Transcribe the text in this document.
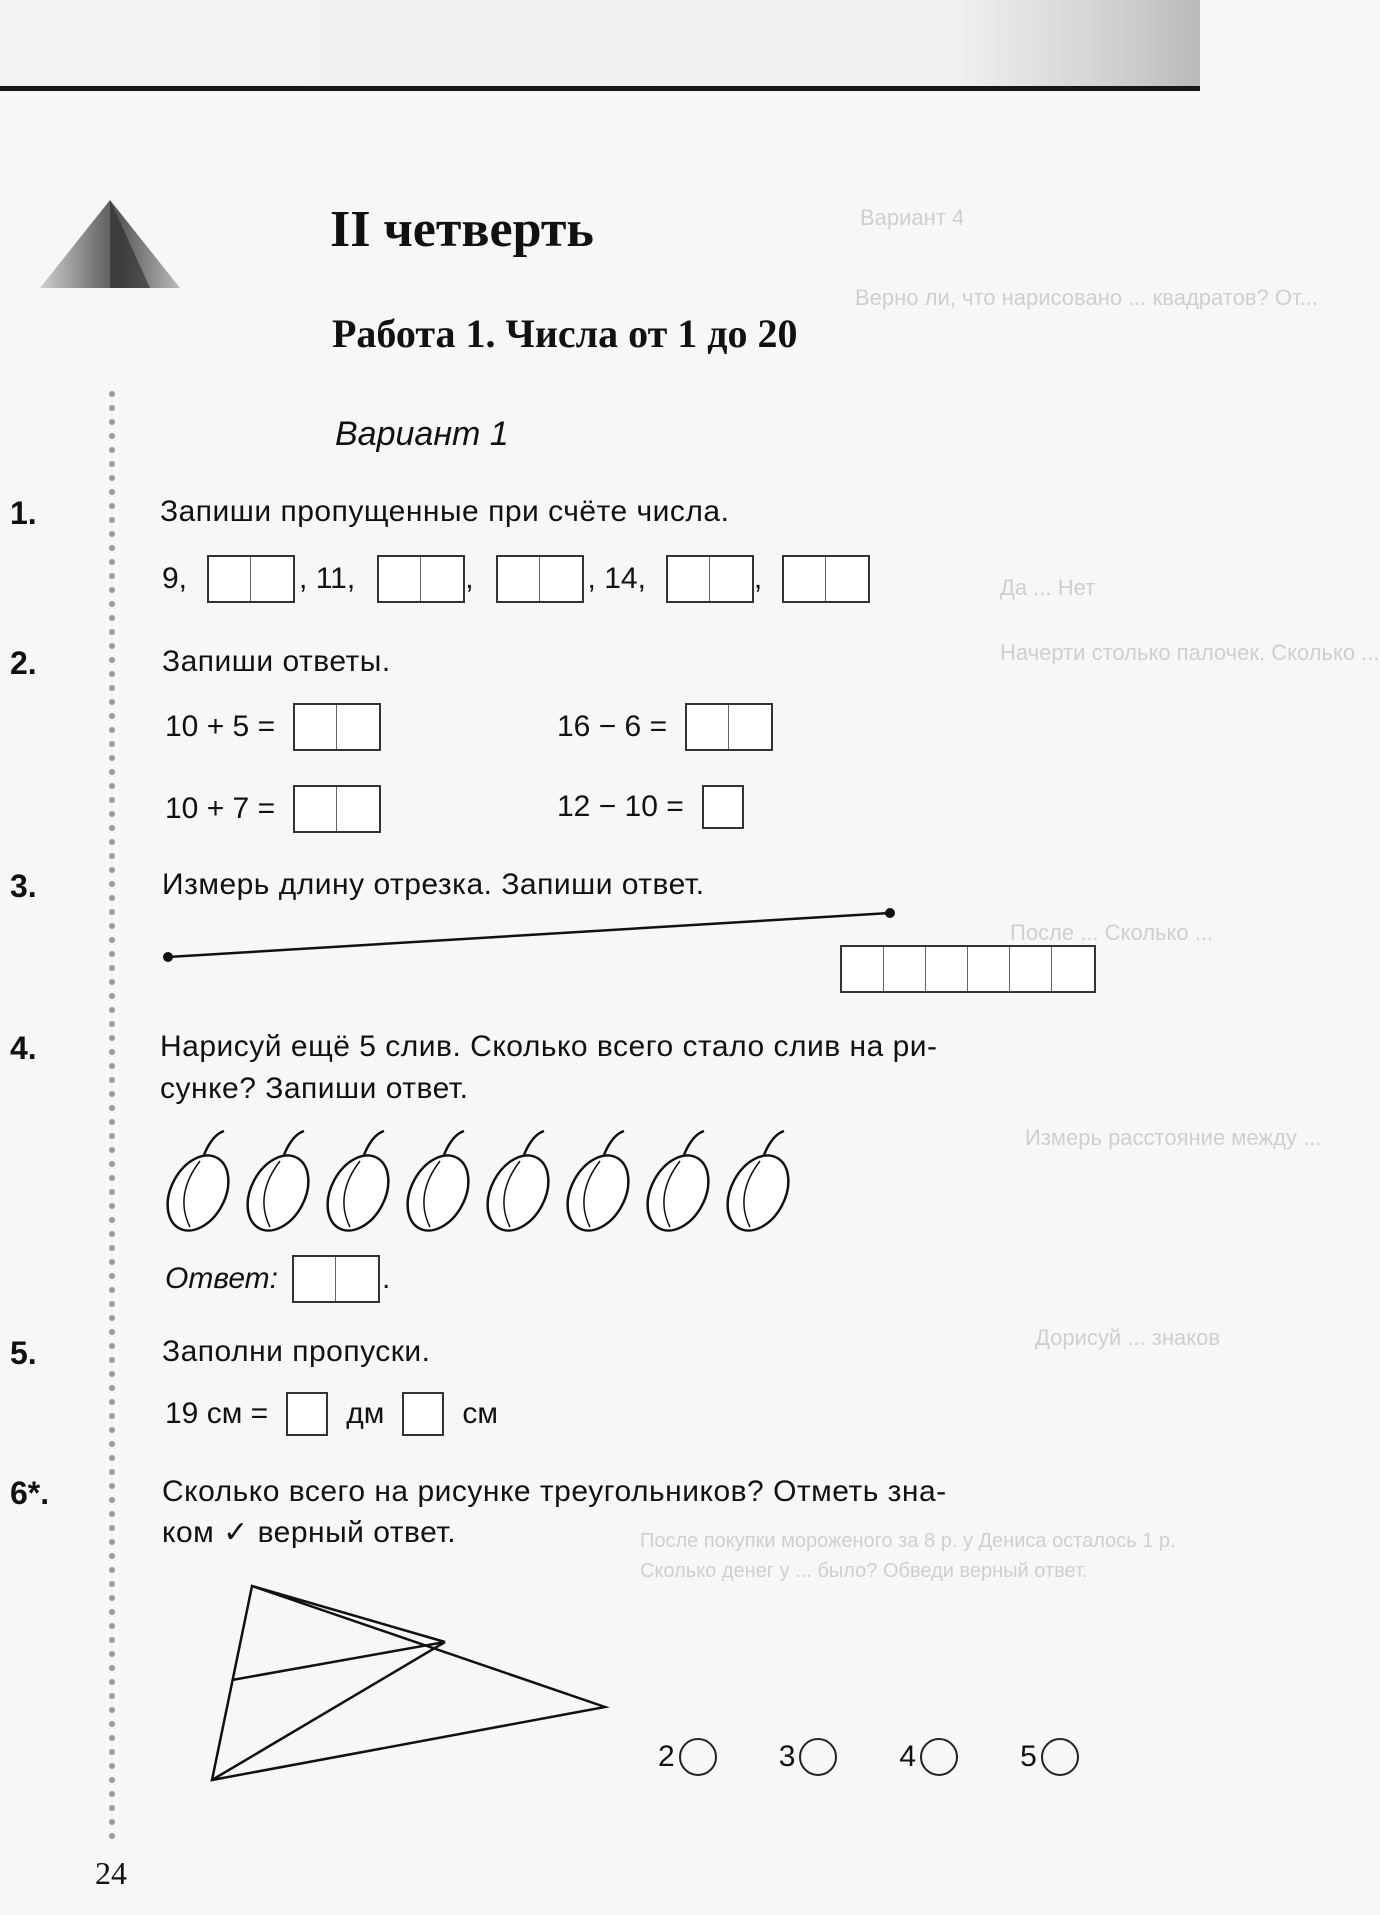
Вариант 4
Верно ли, что нарисовано ... квадратов? От...
Да ... Нет
Начерти столько палочек. Сколько ...
После ... Сколько ...
Измерь расстояние между ...
Дорисуй ... знаков
После покупки мороженого за 8 р. у Дениса осталось 1 р.
Сколько денег у ... было? Обведи верный ответ.
II четверть
Работа 1. Числа от 1 до 20
Вариант 1
1.	Запиши пропущенные при счёте числа.
9,	, 11,	,	, 14,	,
2.	Запиши ответы.
10 + 5 =	16 − 6 =
10 + 7 =	12 − 10 =
3.	Измерь длину отрезка. Запиши ответ.
4.	Нарисуй ещё 5 слив. Сколько всего стало слив на ри-
сунке? Запиши ответ.
Ответ:	.
5.	Заполни пропуски.
19 см =	дм	см
6*.	Сколько всего на рисунке треугольников? Отметь зна-
ком ✓ верный ответ.
2	3	4	5
24
